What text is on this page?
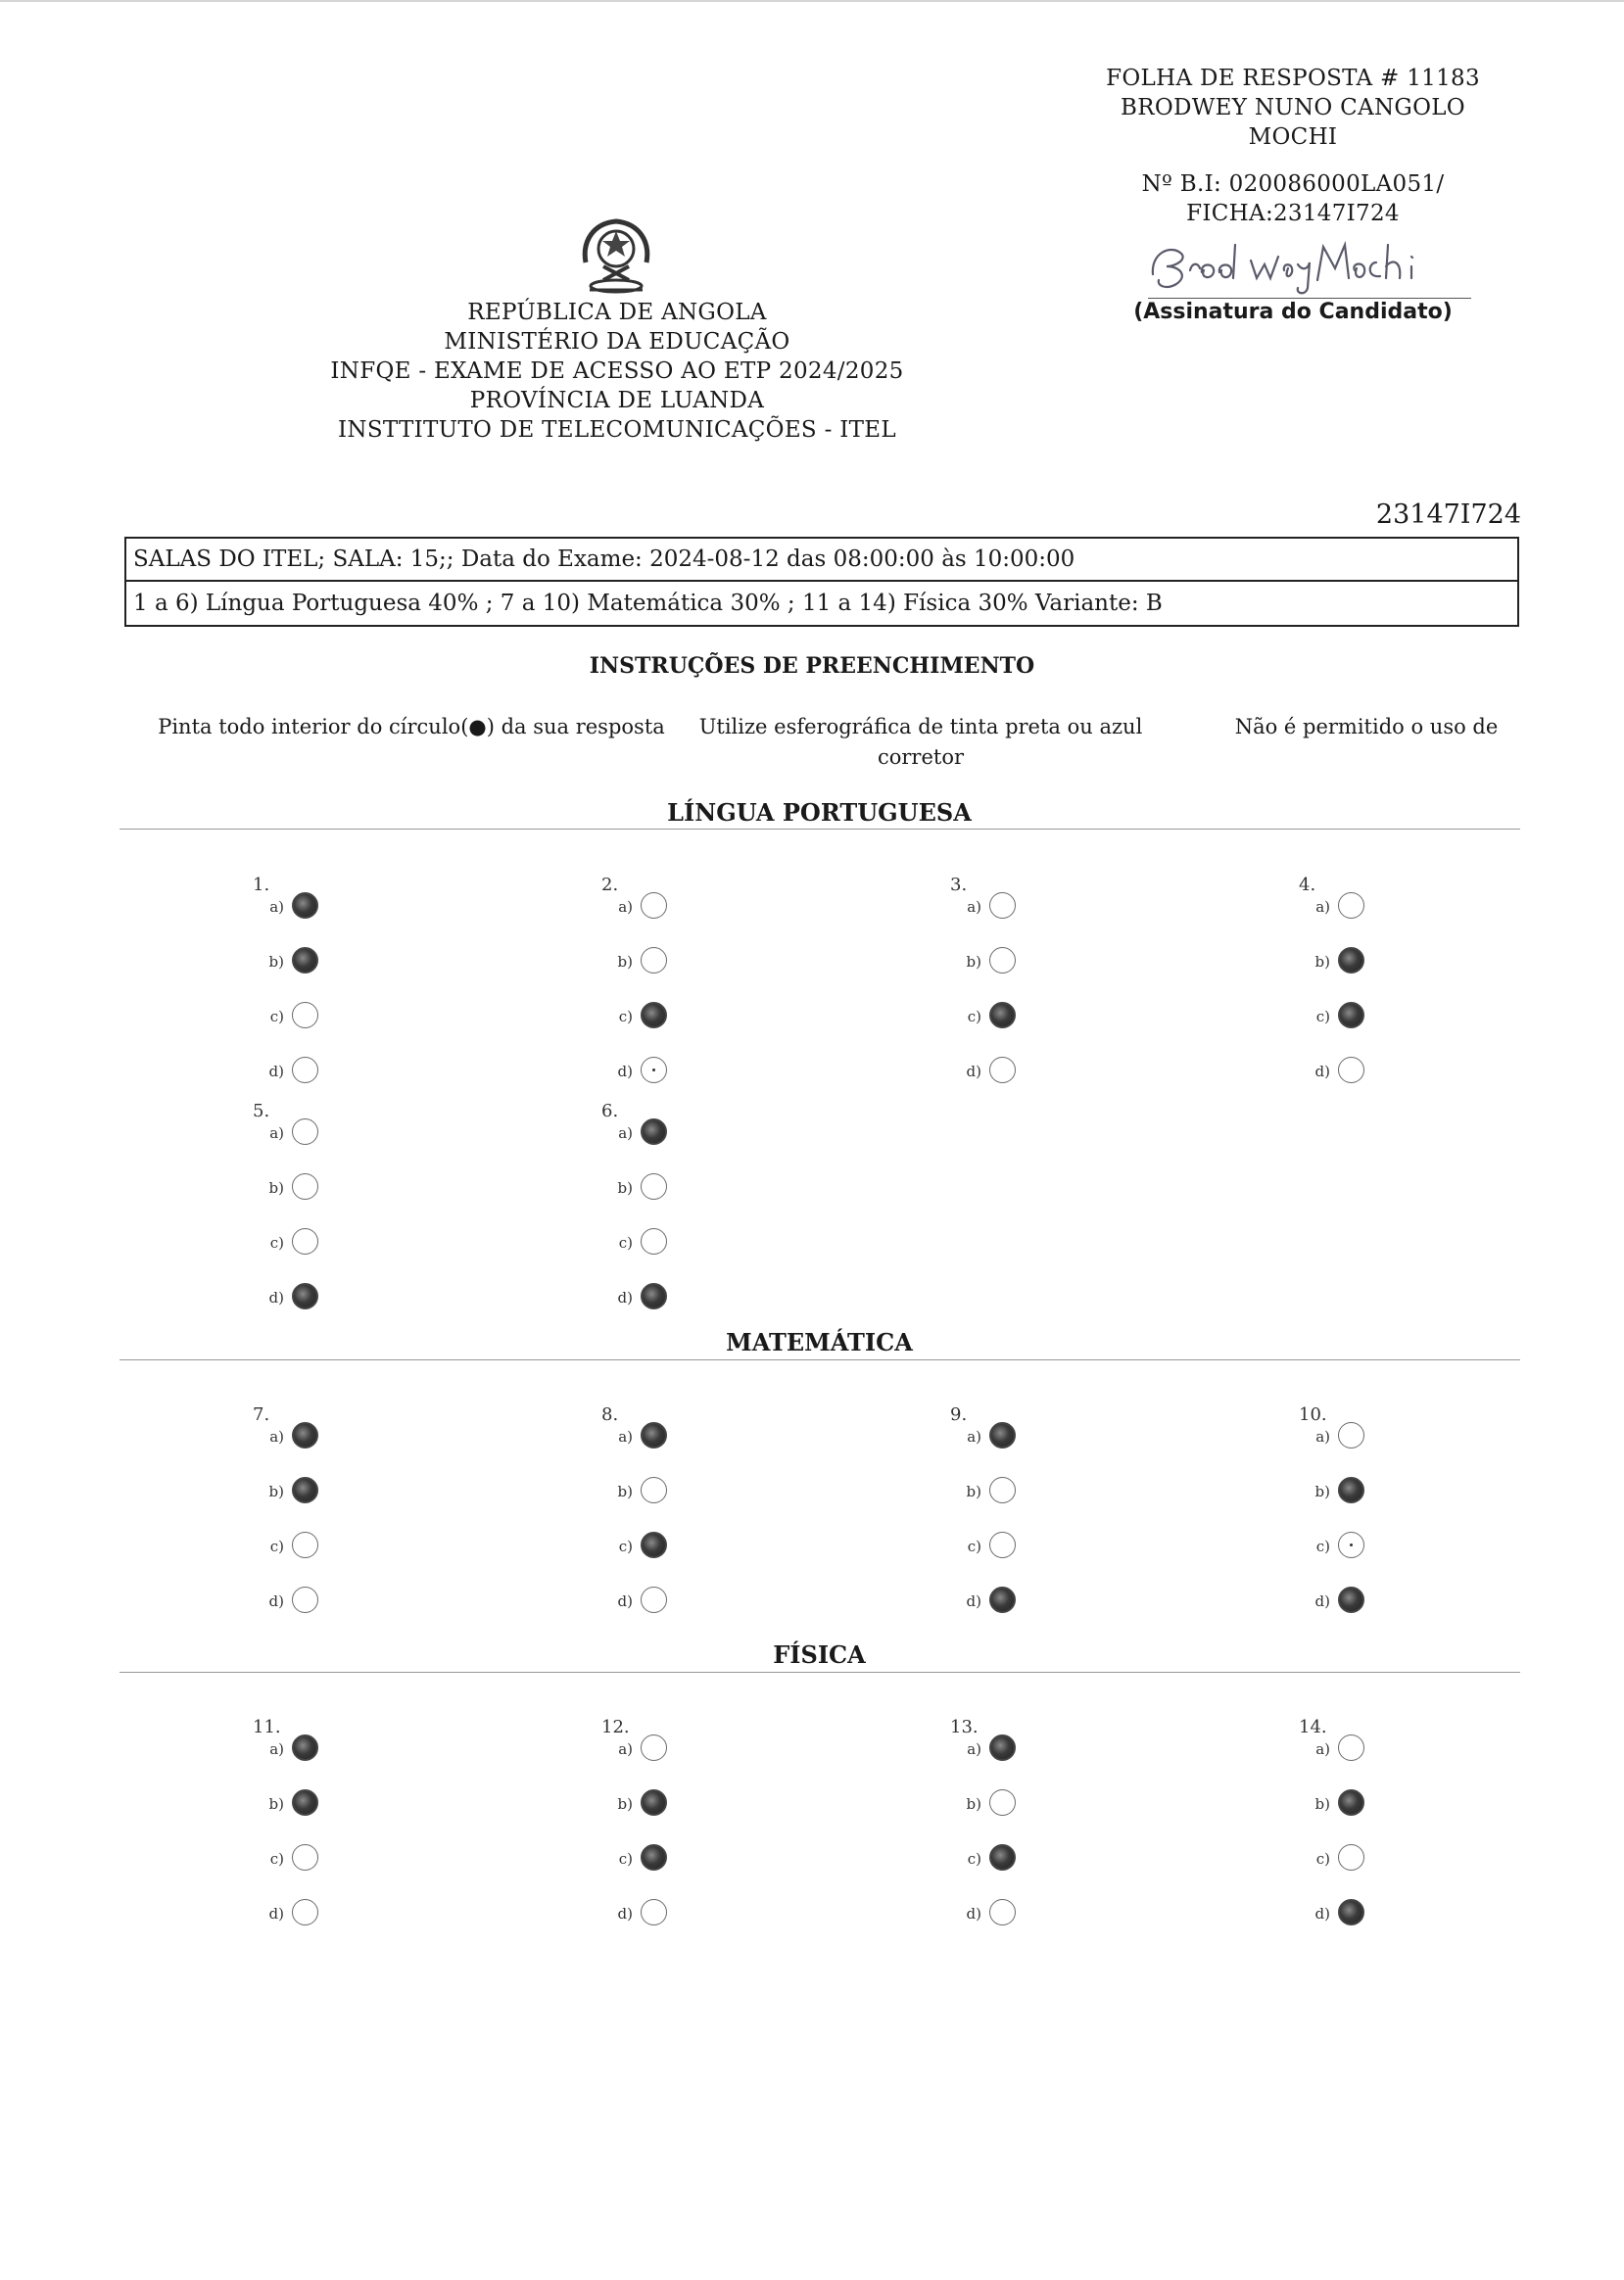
FOLHA DE RESPOSTA # 11183
BRODWEY NUNO CANGOLO
MOCHI
Nº B.I: 020086000LA051/
FICHA:23147I724
(Assinatura do Candidato)
REPÚBLICA DE ANGOLA
MINISTÉRIO DA EDUCAÇÃO
INFQE - EXAME DE ACESSO AO ETP 2024/2025
PROVÍNCIA DE LUANDA
INSTTITUTO DE TELECOMUNICAÇÕES - ITEL
23147I724
SALAS DO ITEL; SALA: 15;; Data do Exame: 2024-08-12 das 08:00:00 às 10:00:00
1 a 6) Língua Portuguesa 40% ; 7 a 10) Matemática 30% ; 11 a 14) Física 30% Variante: B
INSTRUÇÕES DE PREENCHIMENTO
Pinta todo interior do círculo(●) da sua resposta	Utilize esferográfica de tinta preta ou azul
corretor
Não é permitido o uso de
LÍNGUA PORTUGUESA
MATEMÁTICA
FÍSICA
1.
a)
b)
c)
d)
2.
a)
b)
c)
d)
3.
a)
b)
c)
d)
4.
a)
b)
c)
d)
5.
a)
b)
c)
d)
6.
a)
b)
c)
d)
7.
a)
b)
c)
d)
8.
a)
b)
c)
d)
9.
a)
b)
c)
d)
10.
a)
b)
c)
d)
11.
a)
b)
c)
d)
12.
a)
b)
c)
d)
13.
a)
b)
c)
d)
14.
a)
b)
c)
d)
